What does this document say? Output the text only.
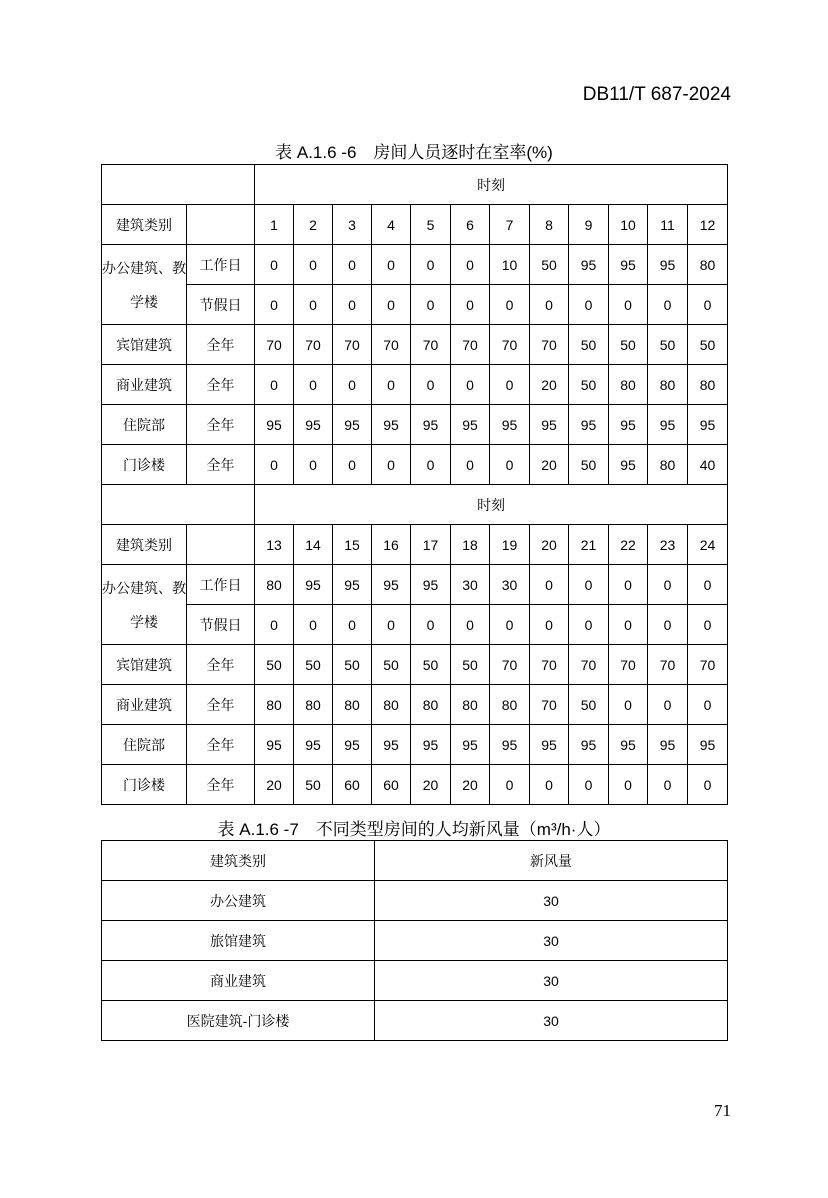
DB11/T 687-2024
表 A.1.6 -6　房间人员逐时在室率(%)
		时刻											
建筑类别		1	2	3	4	5	6	7	8	9	10	11	12
办公建筑、教学楼	工作日	0	0	0	0	0	0	10	50	95	95	95	80
	节假日	0	0	0	0	0	0	0	0	0	0	0	0
宾馆建筑	全年	70	70	70	70	70	70	70	70	50	50	50	50
商业建筑	全年	0	0	0	0	0	0	0	20	50	80	80	80
住院部	全年	95	95	95	95	95	95	95	95	95	95	95	95
门诊楼	全年	0	0	0	0	0	0	0	20	50	95	80	40
		时刻											
建筑类别		13	14	15	16	17	18	19	20	21	22	23	24
办公建筑、教学楼	工作日	80	95	95	95	95	30	30	0	0	0	0	0
	节假日	0	0	0	0	0	0	0	0	0	0	0	0
宾馆建筑	全年	50	50	50	50	50	50	70	70	70	70	70	70
商业建筑	全年	80	80	80	80	80	80	80	70	50	0	0	0
住院部	全年	95	95	95	95	95	95	95	95	95	95	95	95
门诊楼	全年	20	50	60	60	20	20	0	0	0	0	0	0
表 A.1.6 -7　不同类型房间的人均新风量（m³/h·人）
建筑类别	新风量
办公建筑	30
旅馆建筑	30
商业建筑	30
医院建筑-门诊楼	30
71
